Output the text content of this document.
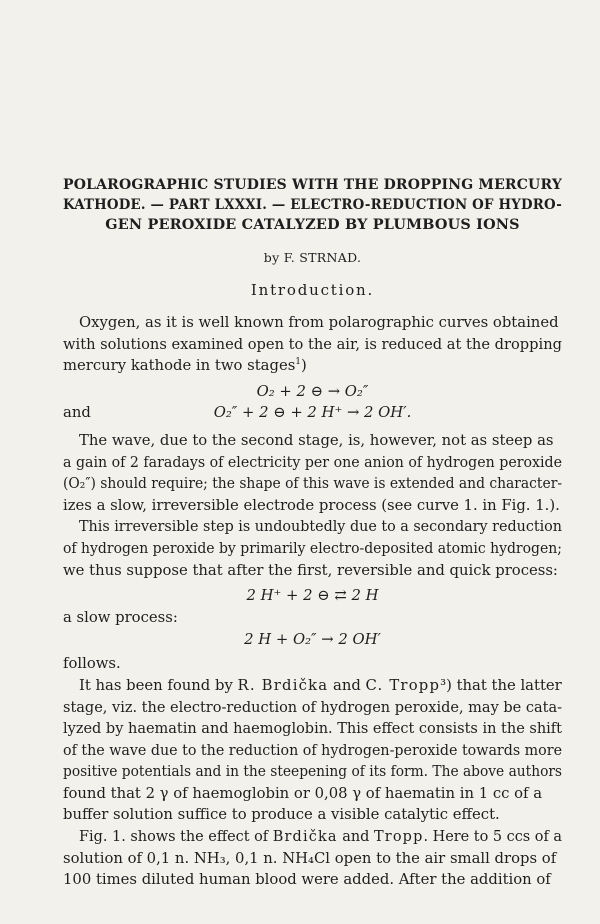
POLAROGRAPHIC STUDIES WITH THE DROPPING MERCURY
KATHODE. — PART LXXXI. — ELECTRO-REDUCTION OF HYDRO-
GEN PEROXIDE CATALYZED BY PLUMBOUS IONS
by F. STRNAD.
Introduction.
Oxygen, as it is well known from polarographic curves obtained
with solutions examined open to the air, is reduced at the dropping
mercury kathode in two stages$^1$)
O₂ + 2 ⊖ → O₂″
and	O₂″ + 2 ⊖ + 2 H⁺ → 2 OH′.
The wave, due to the second stage, is, however, not as steep as
a gain of 2 faradays of electricity per one anion of hydrogen peroxide
(O₂″) should require; the shape of this wave is extended and character-
izes a slow, irreversible electrode process (see curve 1. in Fig. 1.).
This irreversible step is undoubtedly due to a secondary reduction
of hydrogen peroxide by primarily electro-deposited atomic hydrogen;
we thus suppose that after the first, reversible and quick process:
2 H⁺ + 2 ⊖ ⇄ 2 H
a slow process:
2 H + O₂″ → 2 OH′
follows.
It has been found by R. Brdička and C. Tropp³) that the latter
stage, viz. the electro-reduction of hydrogen peroxide, may be cata-
lyzed by haematin and haemoglobin. This effect consists in the shift
of the wave due to the reduction of hydrogen-peroxide towards more
positive potentials and in the steepening of its form. The above authors
found that 2 γ of haemoglobin or 0,08 γ of haematin in 1 cc of a
buffer solution suffice to produce a visible catalytic effect.
Fig. 1. shows the effect of Brdička and Tropp. Here to 5 ccs of a
solution of 0,1 n. NH₃, 0,1 n. NH₄Cl open to the air small drops of
100 times diluted human blood were added. After the addition of
